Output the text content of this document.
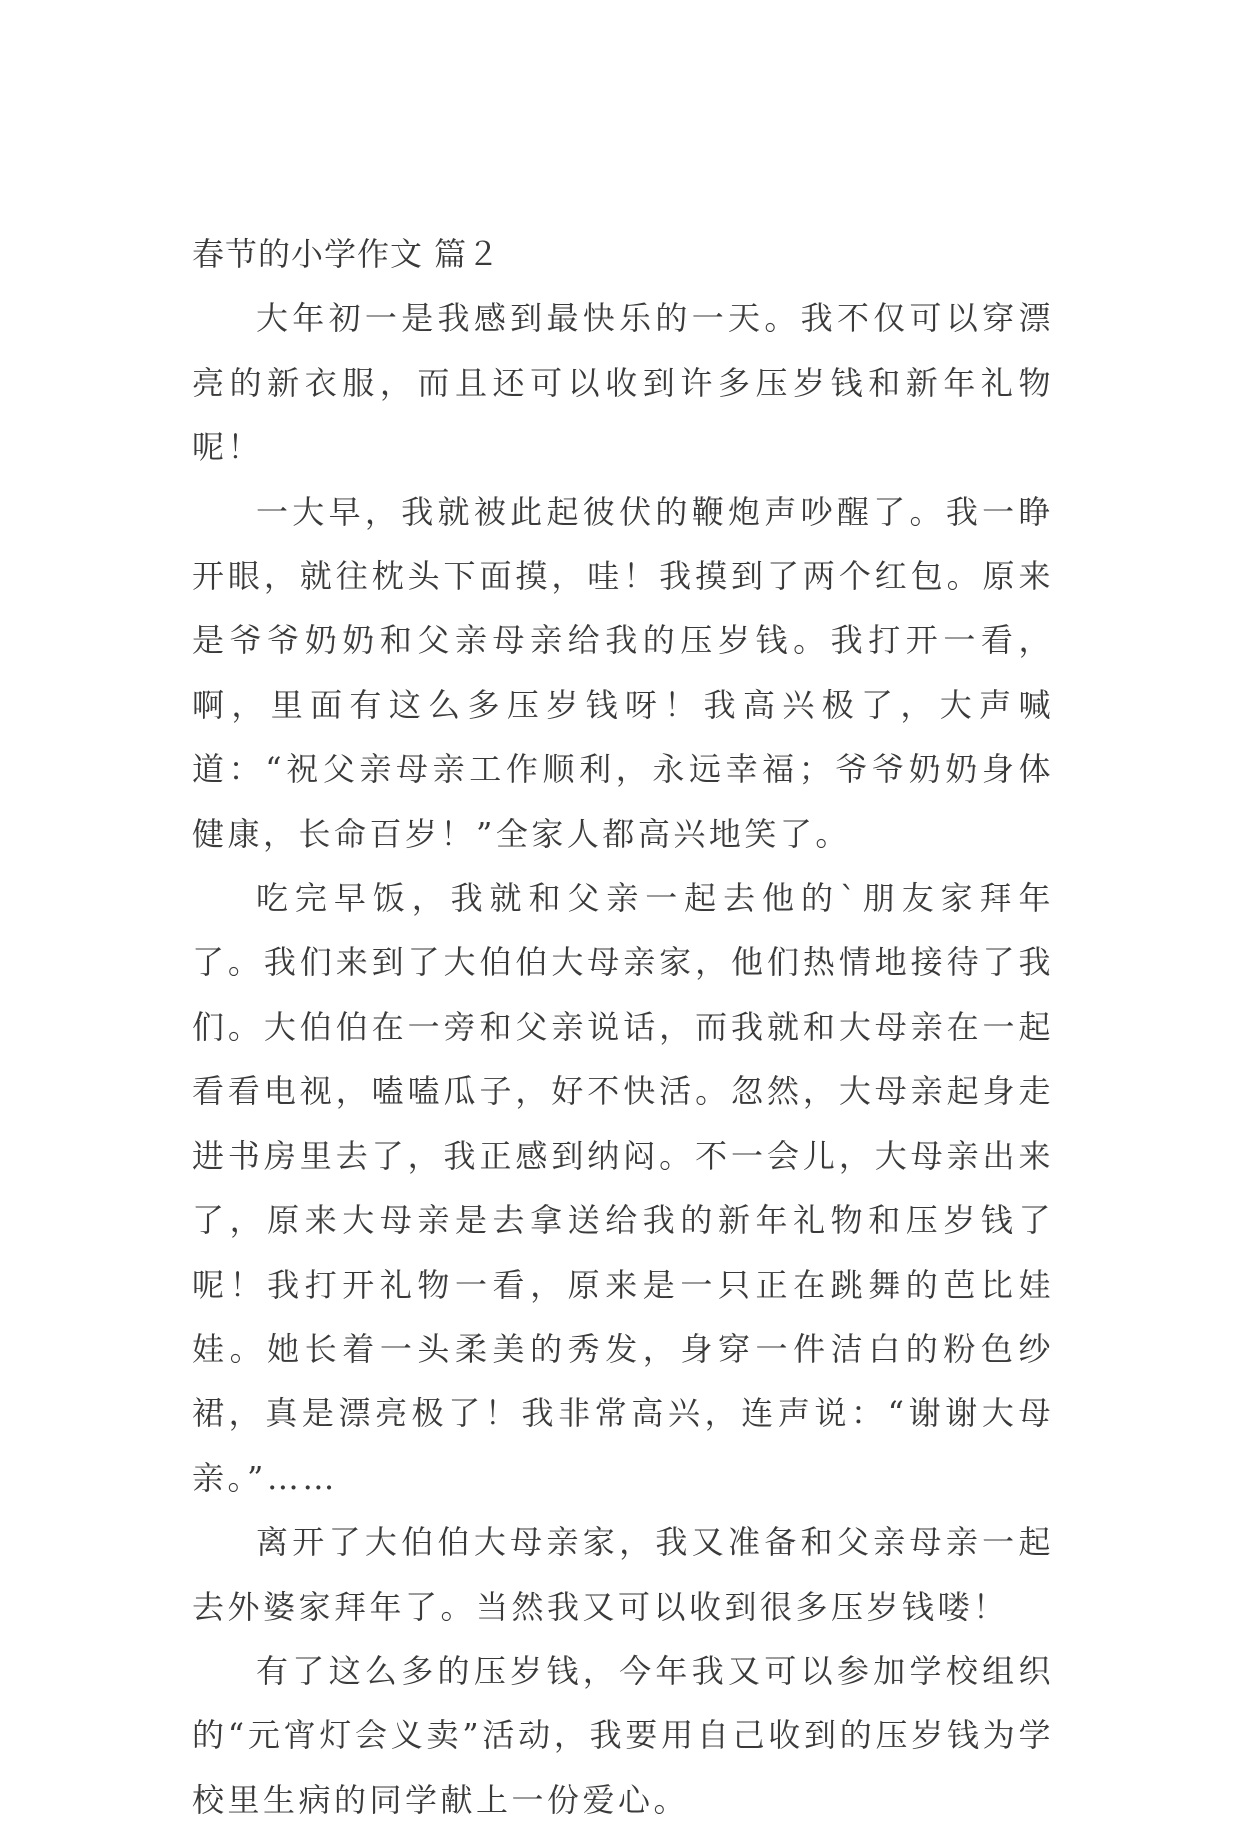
春节的小学作文 篇２

大年初一是我感到最快乐的一天。我不仅可以穿漂亮的新衣服，而且还可以收到许多压岁钱和新年礼物呢！

一大早，我就被此起彼伏的鞭炮声吵醒了。我一睁开眼，就往枕头下面摸，哇！我摸到了两个红包。原来是爷爷奶奶和父亲母亲给我的压岁钱。我打开一看，啊，里面有这么多压岁钱呀！我高兴极了，大声喊道：“祝父亲母亲工作顺利，永远幸福；爷爷奶奶身体健康，长命百岁！”全家人都高兴地笑了。

吃完早饭，我就和父亲一起去他的`朋友家拜年了。我们来到了大伯伯大母亲家，他们热情地接待了我们。大伯伯在一旁和父亲说话，而我就和大母亲在一起看看电视，嗑嗑瓜子，好不快活。忽然，大母亲起身走进书房里去了，我正感到纳闷。不一会儿，大母亲出来了，原来大母亲是去拿送给我的新年礼物和压岁钱了呢！我打开礼物一看，原来是一只正在跳舞的芭比娃娃。她长着一头柔美的秀发，身穿一件洁白的粉色纱裙，真是漂亮极了！我非常高兴，连声说：“谢谢大母亲。”……

离开了大伯伯大母亲家，我又准备和父亲母亲一起去外婆家拜年了。当然我又可以收到很多压岁钱喽！

有了这么多的压岁钱，今年我又可以参加学校组织的“元宵灯会义卖”活动，我要用自己收到的压岁钱为学校里生病的同学献上一份爱心。
